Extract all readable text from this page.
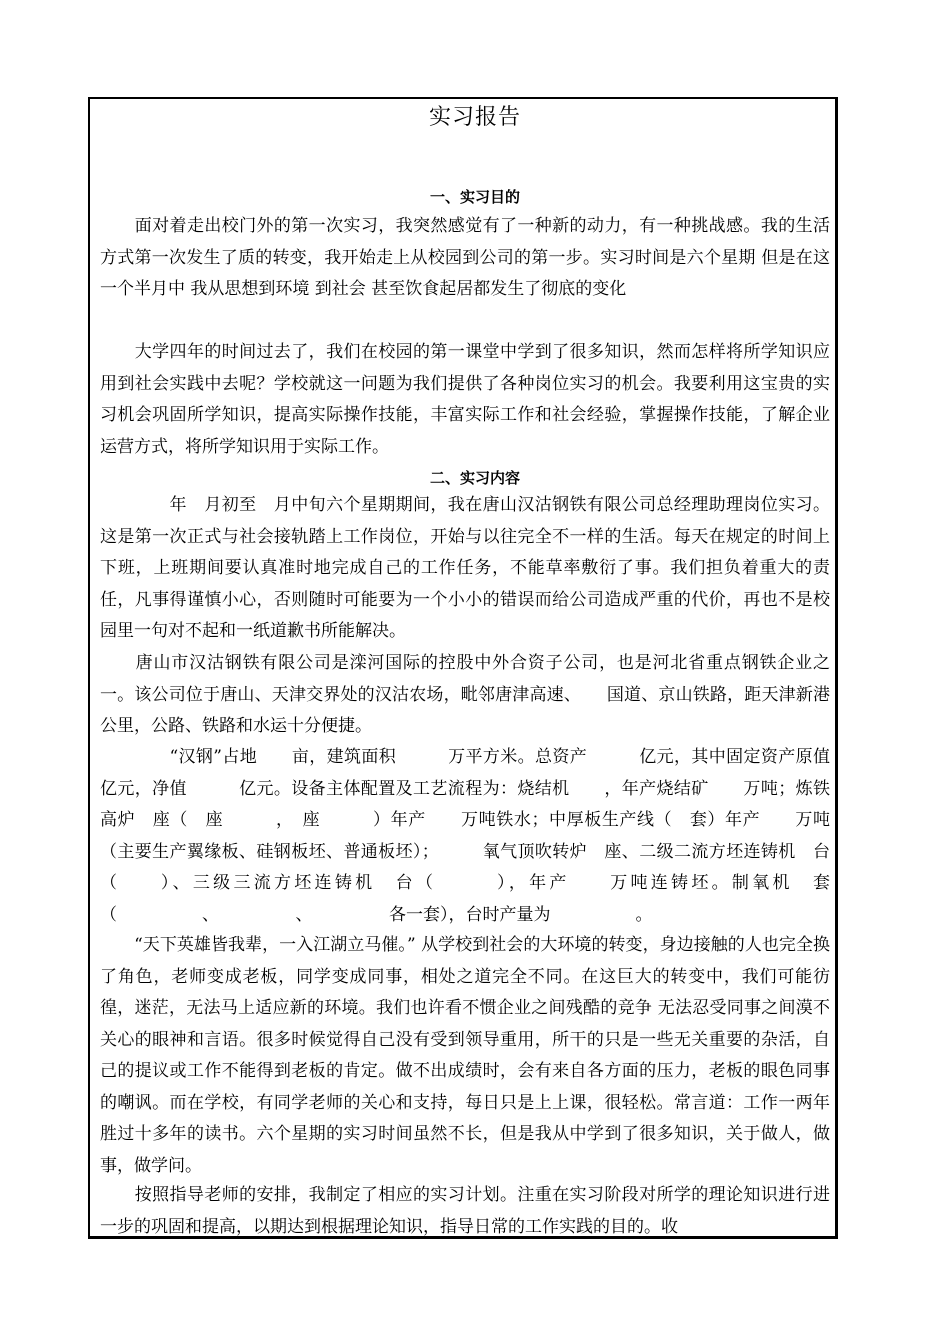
实习报告
一、实习目的

　　面对着走出校门外的第一次实习，我突然感觉有了一种新的动力，有一种挑战感。我的生活方式第一次发生了质的转变，我开始走上从校园到公司的第一步。实习时间是六个星期 但是在这一个半月中 我从思想到环境 到社会 甚至饮食起居都发生了彻底的变化

　　大学四年的时间过去了，我们在校园的第一课堂中学到了很多知识，然而怎样将所学知识应用到社会实践中去呢？学校就这一问题为我们提供了各种岗位实习的机会。我要利用这宝贵的实习机会巩固所学知识，提高实际操作技能，丰富实际工作和社会经验，掌握操作技能，了解企业运营方式，将所学知识用于实际工作。

二、实习内容

　　　　年　月初至　月中旬六个星期期间，我在唐山汉沽钢铁有限公司总经理助理岗位实习。这是第一次正式与社会接轨踏上工作岗位，开始与以往完全不一样的生活。每天在规定的时间上下班，上班期间要认真准时地完成自己的工作任务，不能草率敷衍了事。我们担负着重大的责任，凡事得谨慎小心，否则随时可能要为一个小小的错误而给公司造成严重的代价，再也不是校园里一句对不起和一纸道歉书所能解决。

　　唐山市汉沽钢铁有限公司是滦河国际的控股中外合资子公司，也是河北省重点钢铁企业之一。该公司位于唐山、天津交界处的汉沽农场，毗邻唐津高速、　　国道、京山铁路，距天津新港　　公里，公路、铁路和水运十分便捷。

　　　　“汉钢”占地　　亩，建筑面积　　　万平方米。总资产　　　亿元，其中固定资产原值　　　亿元，净值　　　亿元。设备主体配置及工艺流程为：烧结机　　，年产烧结矿　　万吨；炼铁高炉　座（　座　　　，　座　　　）年产　　万吨铁水；中厚板生产线（　套）年产　　万吨（主要生产翼缘板、硅钢板坯、普通板坯）；　　　氧气顶吹转炉　座、二级二流方坯连铸机　台（　　）、三级三流方坯连铸机　台（　　　），年产　　万吨连铸坯。制氧机　套（　　　　　、　　　　　、　　　　　各一套），台时产量为　　　　　。

　　“天下英雄皆我辈，一入江湖立马催。” 从学校到社会的大环境的转变，身边接触的人也完全换了角色，老师变成老板，同学变成同事，相处之道完全不同。在这巨大的转变中，我们可能彷徨，迷茫，无法马上适应新的环境。我们也许看不惯企业之间残酷的竞争 无法忍受同事之间漠不关心的眼神和言语。很多时候觉得自己没有受到领导重用，所干的只是一些无关重要的杂活，自己的提议或工作不能得到老板的肯定。做不出成绩时，会有来自各方面的压力，老板的眼色同事的嘲讽。而在学校，有同学老师的关心和支持，每日只是上上课，很轻松。常言道：工作一两年胜过十多年的读书。六个星期的实习时间虽然不长，但是我从中学到了很多知识，关于做人，做事，做学问。

　　按照指导老师的安排，我制定了相应的实习计划。注重在实习阶段对所学的理论知识进行进一步的巩固和提高，以期达到根据理论知识，指导日常的工作实践的目的。收
